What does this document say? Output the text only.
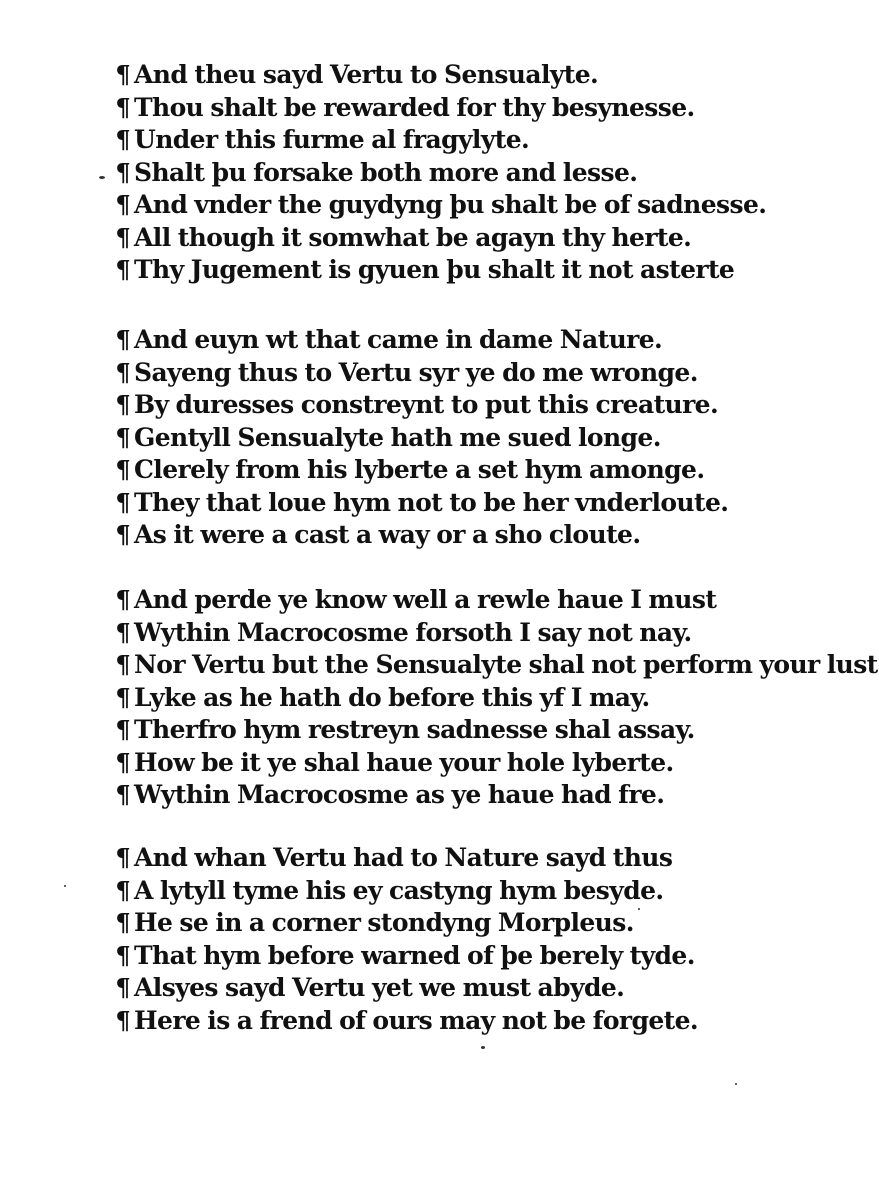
¶ And theu sayd Vertu to Sensualyte.
¶ Thou shalt be rewarded for thy besynesse.
¶ Under this furme al fragylyte.
¶ Shalt þu forsake both more and lesse.
¶ And vnder the guydyng þu shalt be of sadnesse.
¶ All though it somwhat be agayn thy herte.
¶ Thy Jugement is gyuen þu shalt it not asterte
¶ And euyn wt that came in dame Nature.
¶ Sayeng thus to Vertu syr ye do me wronge.
¶ By duresses constreynt to put this creature.
¶ Gentyll Sensualyte hath me sued longe.
¶ Clerely from his lyberte a set hym amonge.
¶ They that loue hym not to be her vnderloute.
¶ As it were a cast a way or a sho cloute.
¶ And perde ye know well a rewle haue I must
¶ Wythin Macrocosme forsoth I say not nay.
¶ Nor Vertu but the Sensualyte shal not perform your lust
¶ Lyke as he hath do before this yf I may.
¶ Therfro hym restreyn sadnesse shal assay.
¶ How be it ye shal haue your hole lyberte.
¶ Wythin Macrocosme as ye haue had fre.
¶ And whan Vertu had to Nature sayd thus
¶ A lytyll tyme his ey castyng hym besyde.
¶ He se in a corner stondyng Morpleus.
¶ That hym before warned of þe berely tyde.
¶ Alsyes sayd Vertu yet we must abyde.
¶ Here is a frend of ours may not be forgete.
